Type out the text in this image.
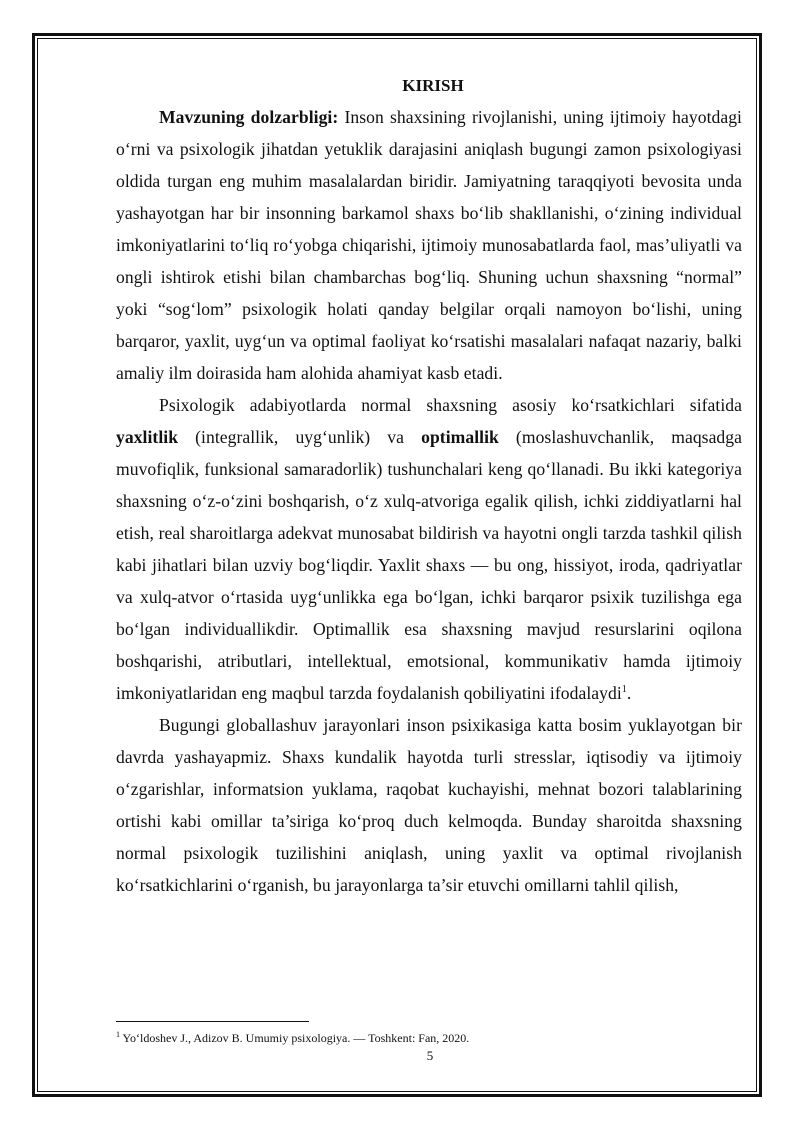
KIRISH

Mavzuning dolzarbligi: Inson shaxsining rivojlanishi, uning ijtimoiy hayotdagi oʻrni va psixologik jihatdan yetuklik darajasini aniqlash bugungi zamon psixologiyasi oldida turgan eng muhim masalalardan biridir. Jamiyatning taraqqiyoti bevosita unda yashayotgan har bir insonning barkamol shaxs boʻlib shakllanishi, oʻzining individual imkoniyatlarini toʻliq roʻyobga chiqarishi, ijtimoiy munosabatlarda faol, mas’uliyatli va ongli ishtirok etishi bilan chambarchas bogʻliq. Shuning uchun shaxsning “normal” yoki “sogʻlom” psixologik holati qanday belgilar orqali namoyon boʻlishi, uning barqaror, yaxlit, uygʻun va optimal faoliyat koʻrsatishi masalalari nafaqat nazariy, balki amaliy ilm doirasida ham alohida ahamiyat kasb etadi.

Psixologik adabiyotlarda normal shaxsning asosiy koʻrsatkichlari sifatida yaxlitlik (integrallik, uygʻunlik) va optimallik (moslashuvchanlik, maqsadga muvofiqlik, funksional samaradorlik) tushunchalari keng qoʻllanadi. Bu ikki kategoriya shaxsning oʻz-oʻzini boshqarish, oʻz xulq-atvoriga egalik qilish, ichki ziddiyatlarni hal etish, real sharoitlarga adekvat munosabat bildirish va hayotni ongli tarzda tashkil qilish kabi jihatlari bilan uzviy bogʻliqdir. Yaxlit shaxs — bu ong, hissiyot, iroda, qadriyatlar va xulq-atvor oʻrtasida uygʻunlikka ega boʻlgan, ichki barqaror psixik tuzilishga ega boʻlgan individuallikdir. Optimallik esa shaxsning mavjud resurslarini oqilona boshqarishi, atributlari, intellektual, emotsional, kommunikativ hamda ijtimoiy imkoniyatlaridan eng maqbul tarzda foydalanish qobiliyatini ifodalaydi$^1$.

Bugungi globallashuv jarayonlari inson psixikasiga katta bosim yuklayotgan bir davrda yashayapmiz. Shaxs kundalik hayotda turli stresslar, iqtisodiy va ijtimoiy oʻzgarishlar, informatsion yuklama, raqobat kuchayishi, mehnat bozori talablarining ortishi kabi omillar ta’siriga koʻproq duch kelmoqda. Bunday sharoitda shaxsning normal psixologik tuzilishini aniqlash, uning yaxlit va optimal rivojlanish koʻrsatkichlarini oʻrganish, bu jarayonlarga ta’sir etuvchi omillarni tahlil qilish,

$^1$ Yoʻldoshev J., Adizov B. Umumiy psixologiya. — Toshkent: Fan, 2020.
5
